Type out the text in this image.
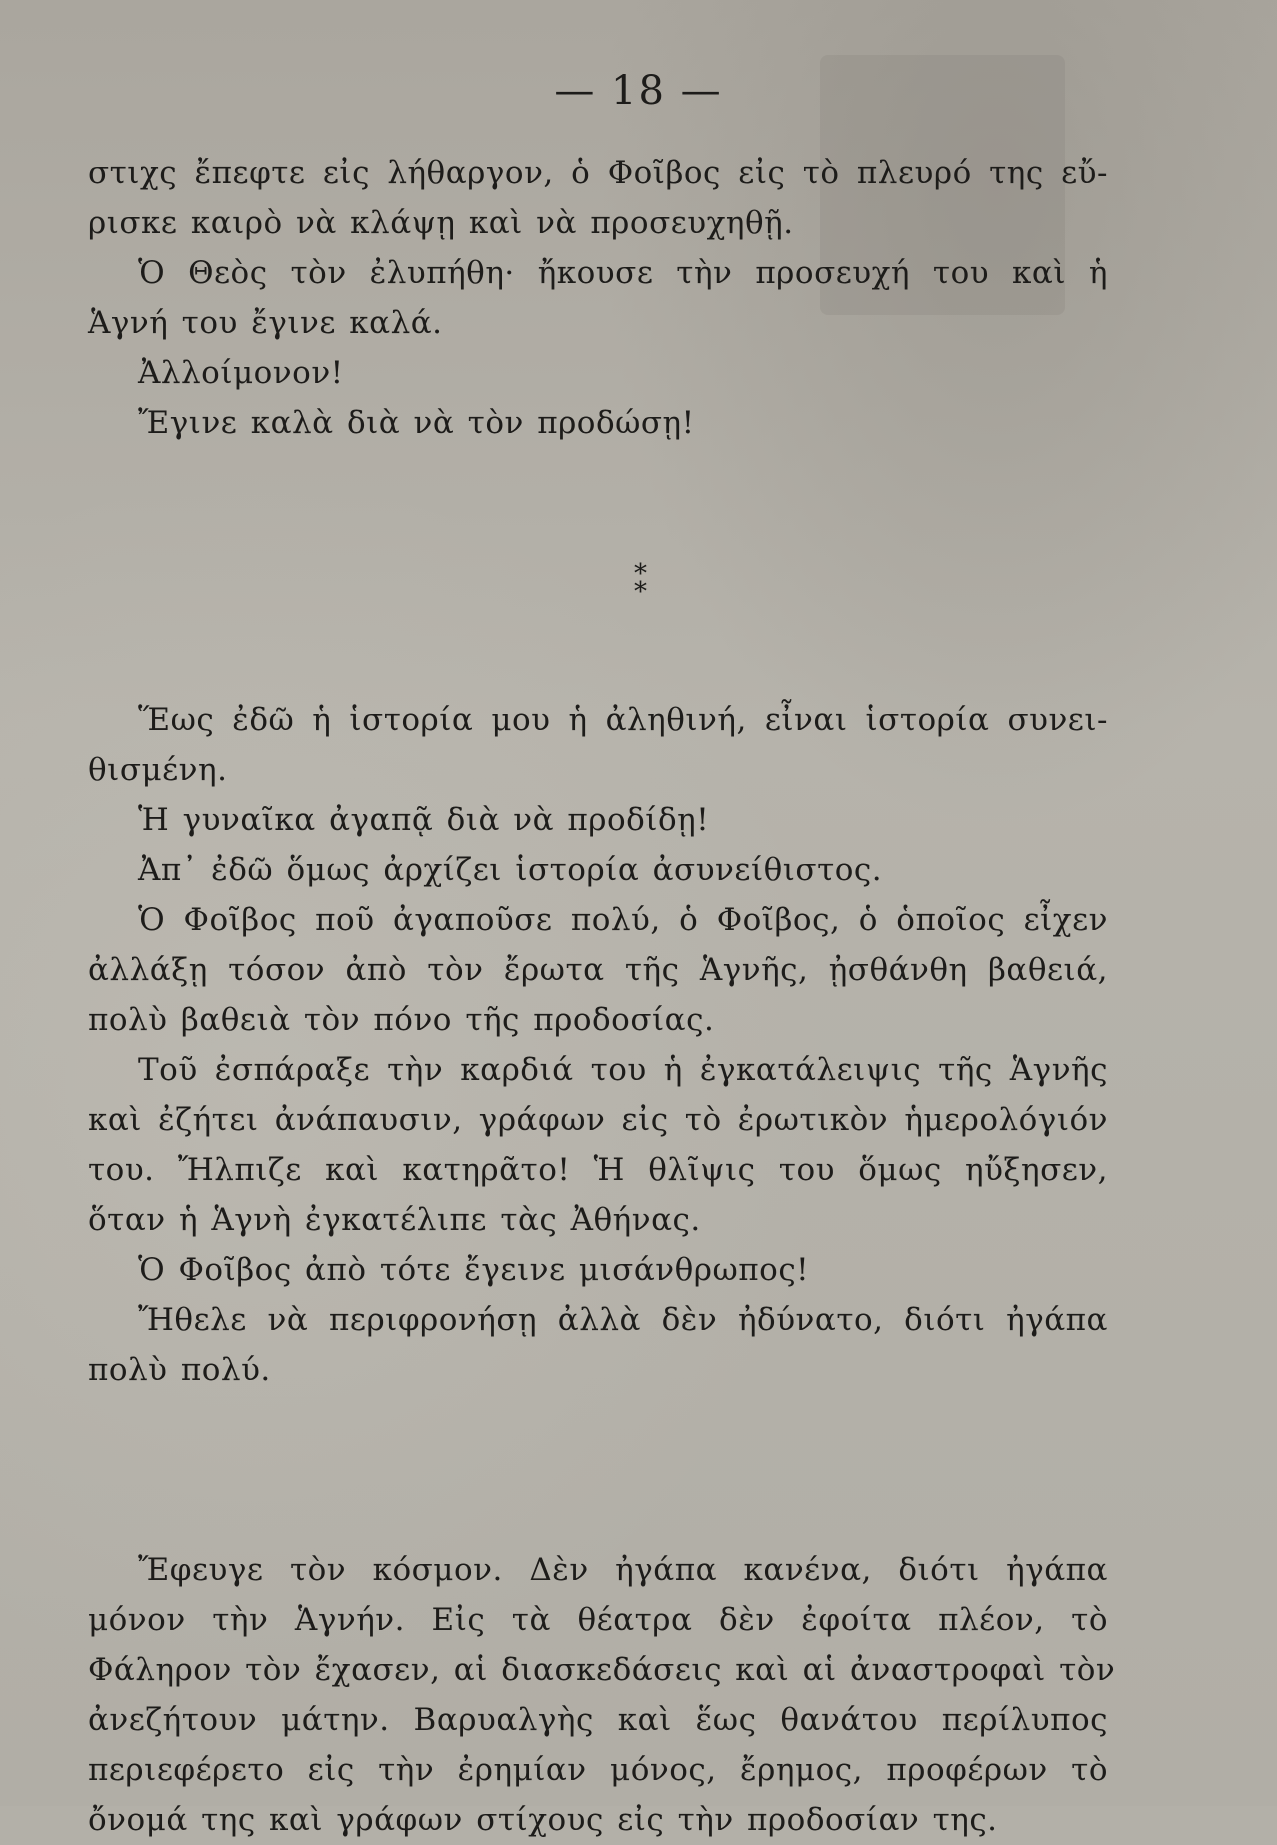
— 18 —
στιχς ἔπεφτε εἰς λήθαργον, ὁ Φοῖβος εἰς τὸ πλευρό της εὔ-
ρισκε καιρὸ νὰ κλάψῃ καὶ νὰ προσευχηθῇ.
Ὁ Θεὸς τὸν ἐλυπήθη· ἤκουσε τὴν προσευχή του καὶ ἡ
Ἁγνή του ἔγινε καλά.
Ἀλλοίμονον!
Ἔγινε καλὰ διὰ νὰ τὸν προδώσῃ!
*
*
Ἕως ἐδῶ ἡ ἱστορία μου ἡ ἀληθινή, εἶναι ἱστορία συνει-
θισμένη.
Ἡ γυναῖκα ἀγαπᾷ διὰ νὰ προδίδῃ!
Ἀπ᾽ ἐδῶ ὅμως ἀρχίζει ἱστορία ἀσυνείθιστος.
Ὁ Φοῖβος ποῦ ἀγαποῦσε πολύ, ὁ Φοῖβος, ὁ ὁποῖος εἶχεν
ἀλλάξῃ τόσον ἀπὸ τὸν ἔρωτα τῆς Ἁγνῆς, ᾐσθάνθη βαθειά,
πολὺ βαθειὰ τὸν πόνο τῆς προδοσίας.
Τοῦ ἐσπάραξε τὴν καρδιά του ἡ ἐγκατάλειψις τῆς Ἁγνῆς
καὶ ἐζήτει ἀνάπαυσιν, γράφων εἰς τὸ ἐρωτικὸν ἡμερολόγιόν
του. Ἤλπιζε καὶ κατηρᾶτο! Ἡ θλῖψις του ὅμως ηὔξησεν,
ὅταν ἡ Ἁγνὴ ἐγκατέλιπε τὰς Ἀθήνας.
Ὁ Φοῖβος ἀπὸ τότε ἔγεινε μισάνθρωπος!
Ἤθελε νὰ περιφρονήσῃ ἀλλὰ δὲν ἠδύνατο, διότι ἠγάπα
πολὺ πολύ.
Ἔφευγε τὸν κόσμον. Δὲν ἠγάπα κανένα, διότι ἠγάπα
μόνον τὴν Ἁγνήν. Εἰς τὰ θέατρα δὲν ἐφοίτα πλέον, τὸ
Φάληρον τὸν ἔχασεν, αἱ διασκεδάσεις καὶ αἱ ἀναστροφαὶ τὸν
ἀνεζήτουν μάτην. Βαρυαλγὴς καὶ ἕως θανάτου περίλυπος
περιεφέρετο εἰς τὴν ἐρημίαν μόνος, ἔρημος, προφέρων τὸ
ὄνομά της καὶ γράφων στίχους εἰς τὴν προδοσίαν της.
